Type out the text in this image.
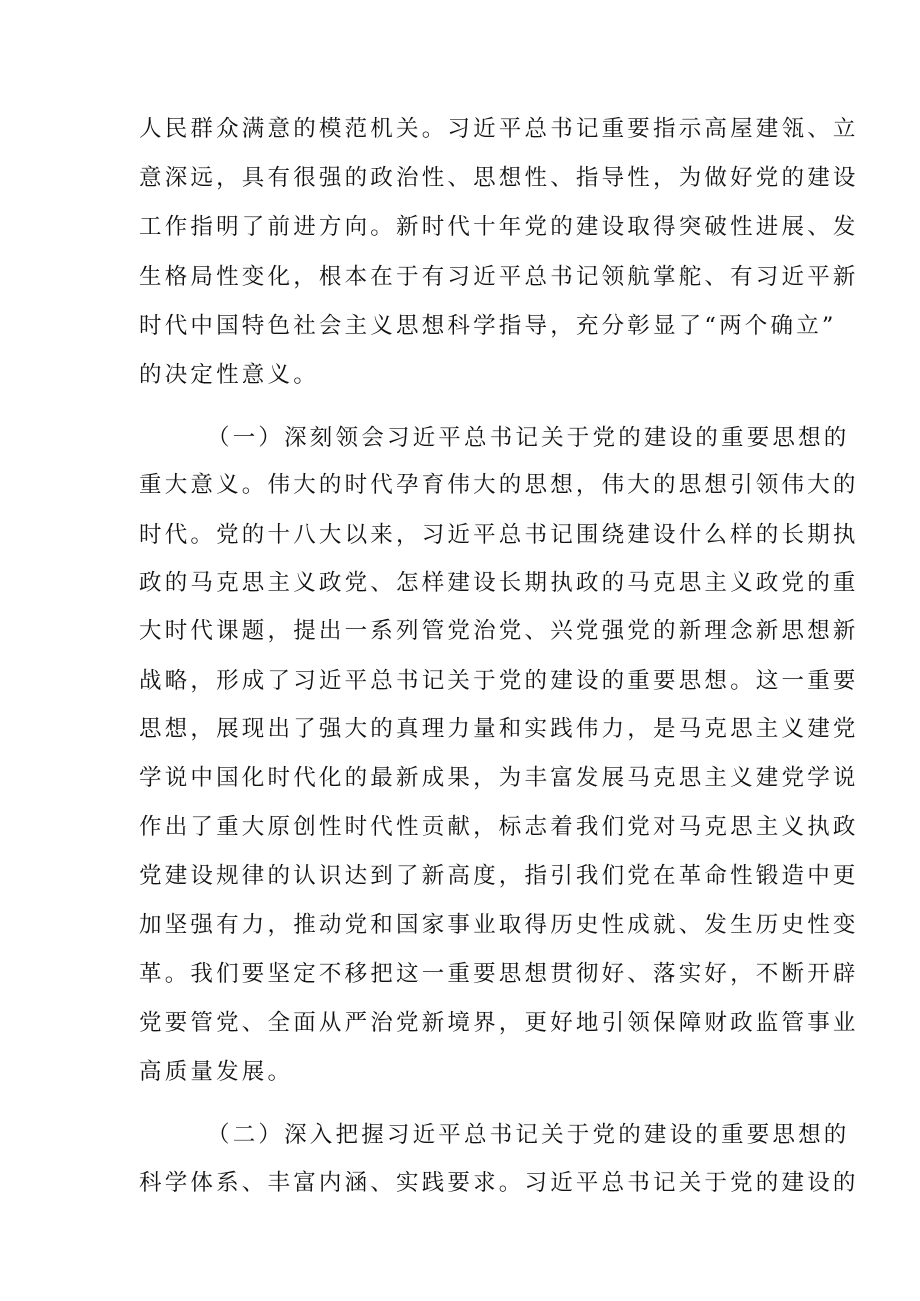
人民群众满意的模范机关。习近平总书记重要指示高屋建瓴、立
意深远，具有很强的政治性、思想性、指导性，为做好党的建设
工作指明了前进方向。新时代十年党的建设取得突破性进展、发
生格局性变化，根本在于有习近平总书记领航掌舵、有习近平新
时代中国特色社会主义思想科学指导，充分彰显了“两个确立”
的决定性意义。
（一）深刻领会习近平总书记关于党的建设的重要思想的
重大意义。伟大的时代孕育伟大的思想，伟大的思想引领伟大的
时代。党的十八大以来，习近平总书记围绕建设什么样的长期执
政的马克思主义政党、怎样建设长期执政的马克思主义政党的重
大时代课题，提出一系列管党治党、兴党强党的新理念新思想新
战略，形成了习近平总书记关于党的建设的重要思想。这一重要
思想，展现出了强大的真理力量和实践伟力，是马克思主义建党
学说中国化时代化的最新成果，为丰富发展马克思主义建党学说
作出了重大原创性时代性贡献，标志着我们党对马克思主义执政
党建设规律的认识达到了新高度，指引我们党在革命性锻造中更
加坚强有力，推动党和国家事业取得历史性成就、发生历史性变
革。我们要坚定不移把这一重要思想贯彻好、落实好，不断开辟
党要管党、全面从严治党新境界，更好地引领保障财政监管事业
高质量发展。
（二）深入把握习近平总书记关于党的建设的重要思想的
科学体系、丰富内涵、实践要求。习近平总书记关于党的建设的
